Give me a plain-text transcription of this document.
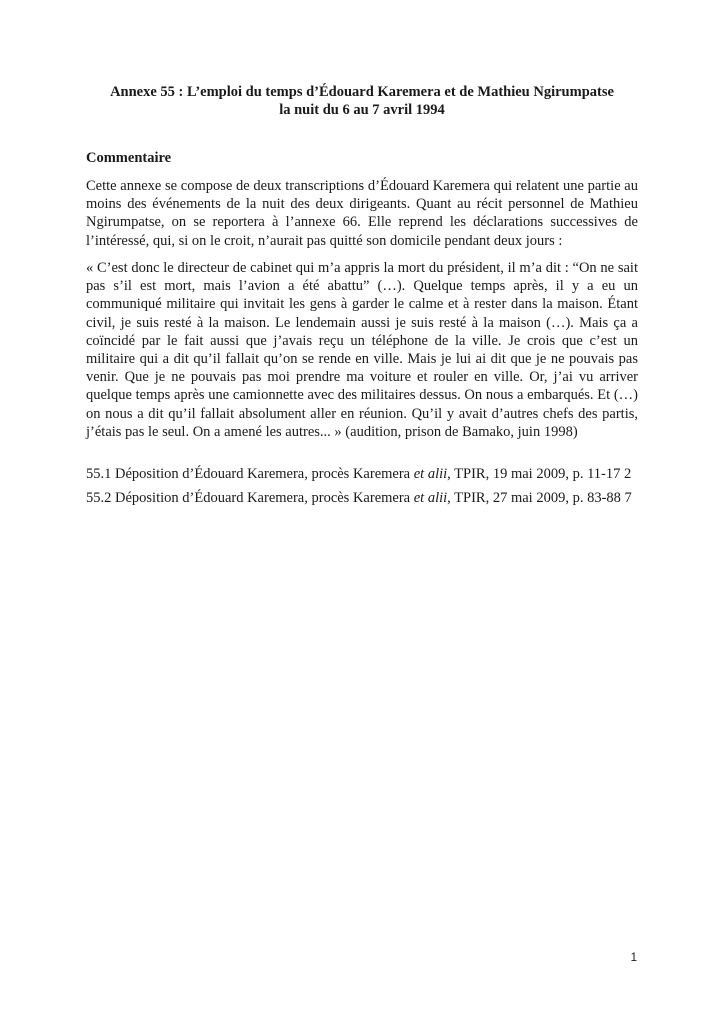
Annexe 55 : L’emploi du temps d’Édouard Karemera et de Mathieu Ngirumpatse
la nuit du 6 au 7 avril 1994
Commentaire

Cette annexe se compose de deux transcriptions d’Édouard Karemera qui relatent une partie au moins des événements de la nuit des deux dirigeants. Quant au récit personnel de Mathieu Ngirumpatse, on se reportera à l’annexe 66. Elle reprend les déclarations successives de l’intéressé, qui, si on le croit, n’aurait pas quitté son domicile pendant deux jours :

« C’est donc le directeur de cabinet qui m’a appris la mort du président, il m’a dit : “On ne sait pas s’il est mort, mais l’avion a été abattu” (…). Quelque temps après, il y a eu un communiqué militaire qui invitait les gens à garder le calme et à rester dans la maison. Étant civil, je suis resté à la maison. Le lendemain aussi je suis resté à la maison (…). Mais ça a coïncidé par le fait aussi que j’avais reçu un téléphone de la ville. Je crois que c’est un militaire qui a dit qu’il fallait qu’on se rende en ville. Mais je lui ai dit que je ne pouvais pas venir. Que je ne pouvais pas moi prendre ma voiture et rouler en ville. Or, j’ai vu arriver quelque temps après une camionnette avec des militaires dessus. On nous a embarqués. Et (…) on nous a dit qu’il fallait absolument aller en réunion. Qu’il y avait d’autres chefs des partis, j’étais pas le seul. On a amené les autres... » (audition, prison de Bamako, juin 1998)

55.1 Déposition d’Édouard Karemera, procès Karemera et alii, TPIR, 19 mai 2009, p. 11-17 2
55.2 Déposition d’Édouard Karemera, procès Karemera et alii, TPIR, 27 mai 2009, p. 83-88 7
1
